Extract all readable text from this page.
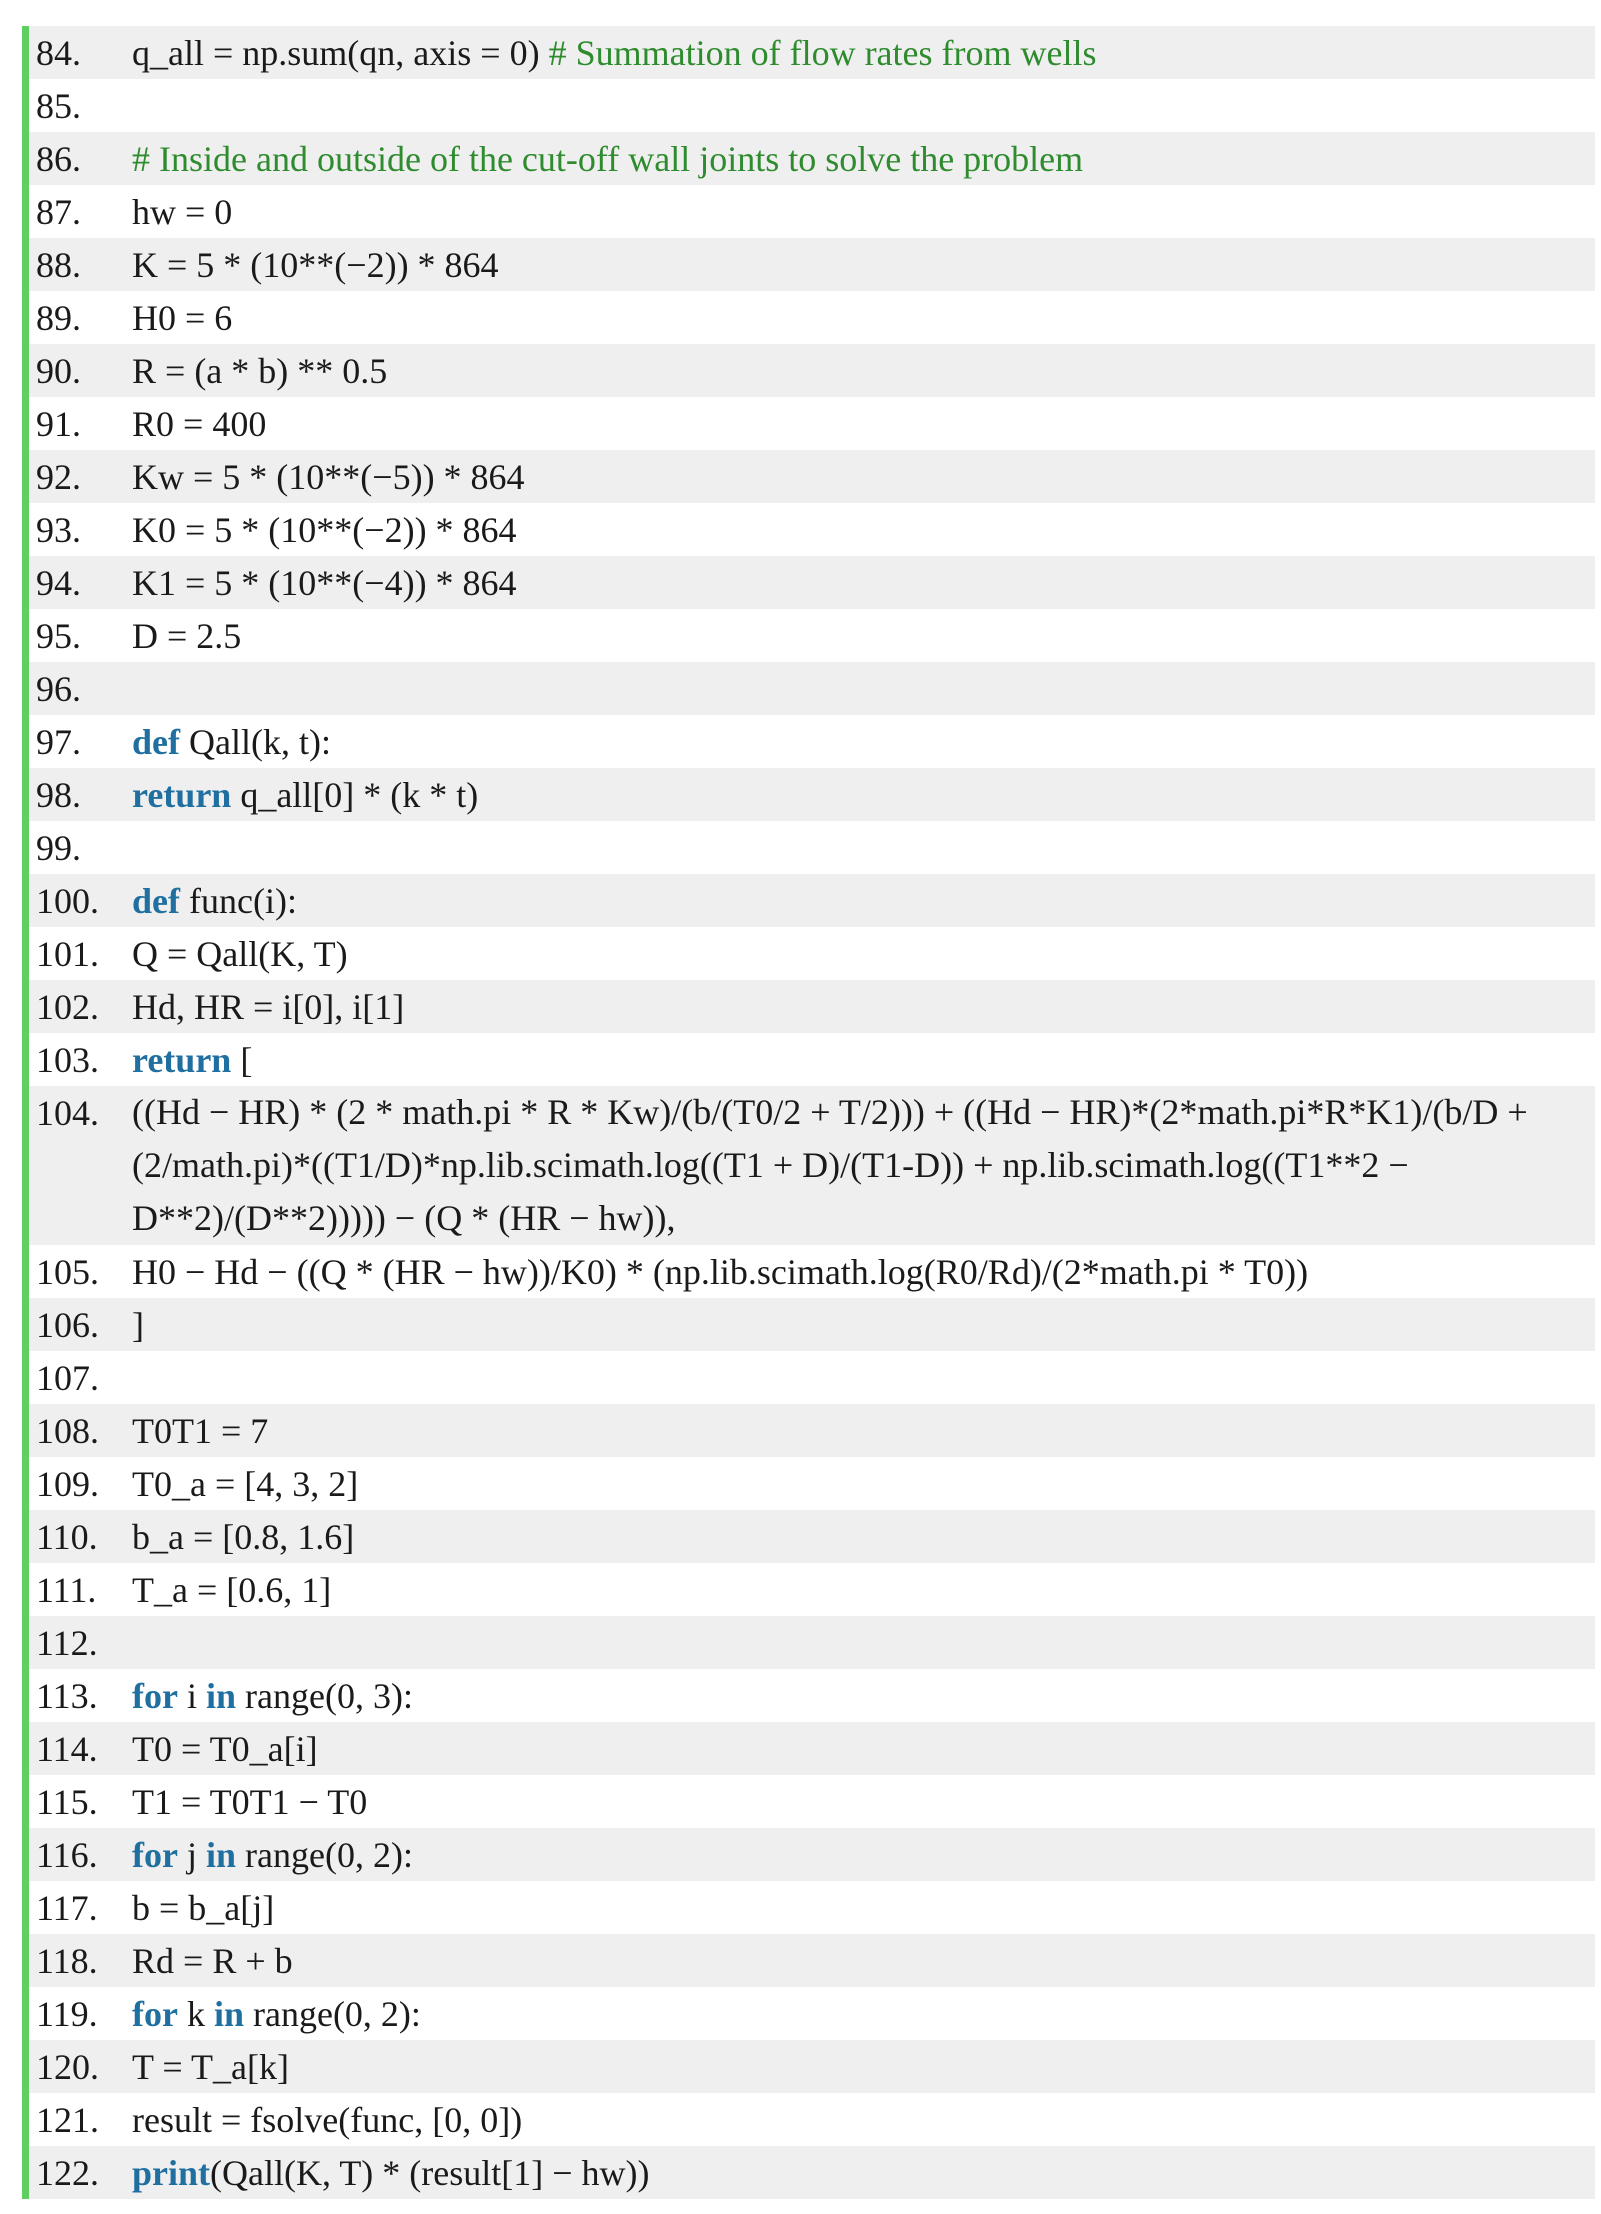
84.	q_all = np.sum(qn, axis = 0) # Summation of flow rates from wells
85.
86.	# Inside and outside of the cut-off wall joints to solve the problem
87.	hw = 0
88.	K = 5 * (10**(−2)) * 864
89.	H0 = 6
90.	R = (a * b) ** 0.5
91.	R0 = 400
92.	Kw = 5 * (10**(−5)) * 864
93.	K0 = 5 * (10**(−2)) * 864
94.	K1 = 5 * (10**(−4)) * 864
95.	D = 2.5
96.
97.	def Qall(k, t):
98.	return q_all[0] * (k * t)
99.
100. def func(i):
101. Q = Qall(K, T)
102. Hd, HR = i[0], i[1]
103. return [
104. ((Hd − HR) * (2 * math.pi * R * Kw)/(b/(T0/2 + T/2))) + ((Hd − HR)*(2*math.pi*R*K1)/(b/D + (2/math.pi)*((T1/D)*np.lib.scimath.log((T1 + D)/(T1-D)) + np.lib.scimath.log((T1**2 − D**2)/(D**2))))) − (Q * (HR − hw)),
105. H0 − Hd − ((Q * (HR − hw))/K0) * (np.lib.scimath.log(R0/Rd)/(2*math.pi * T0))
106. ]
107.
108. T0T1 = 7
109. T0_a = [4, 3, 2]
110. b_a = [0.8, 1.6]
111. T_a = [0.6, 1]
112.
113. for i in range(0, 3):
114. T0 = T0_a[i]
115. T1 = T0T1 − T0
116. for j in range(0, 2):
117. b = b_a[j]
118. Rd = R + b
119. for k in range(0, 2):
120. T = T_a[k]
121. result = fsolve(func, [0, 0])
122. print(Qall(K, T) * (result[1] − hw))
